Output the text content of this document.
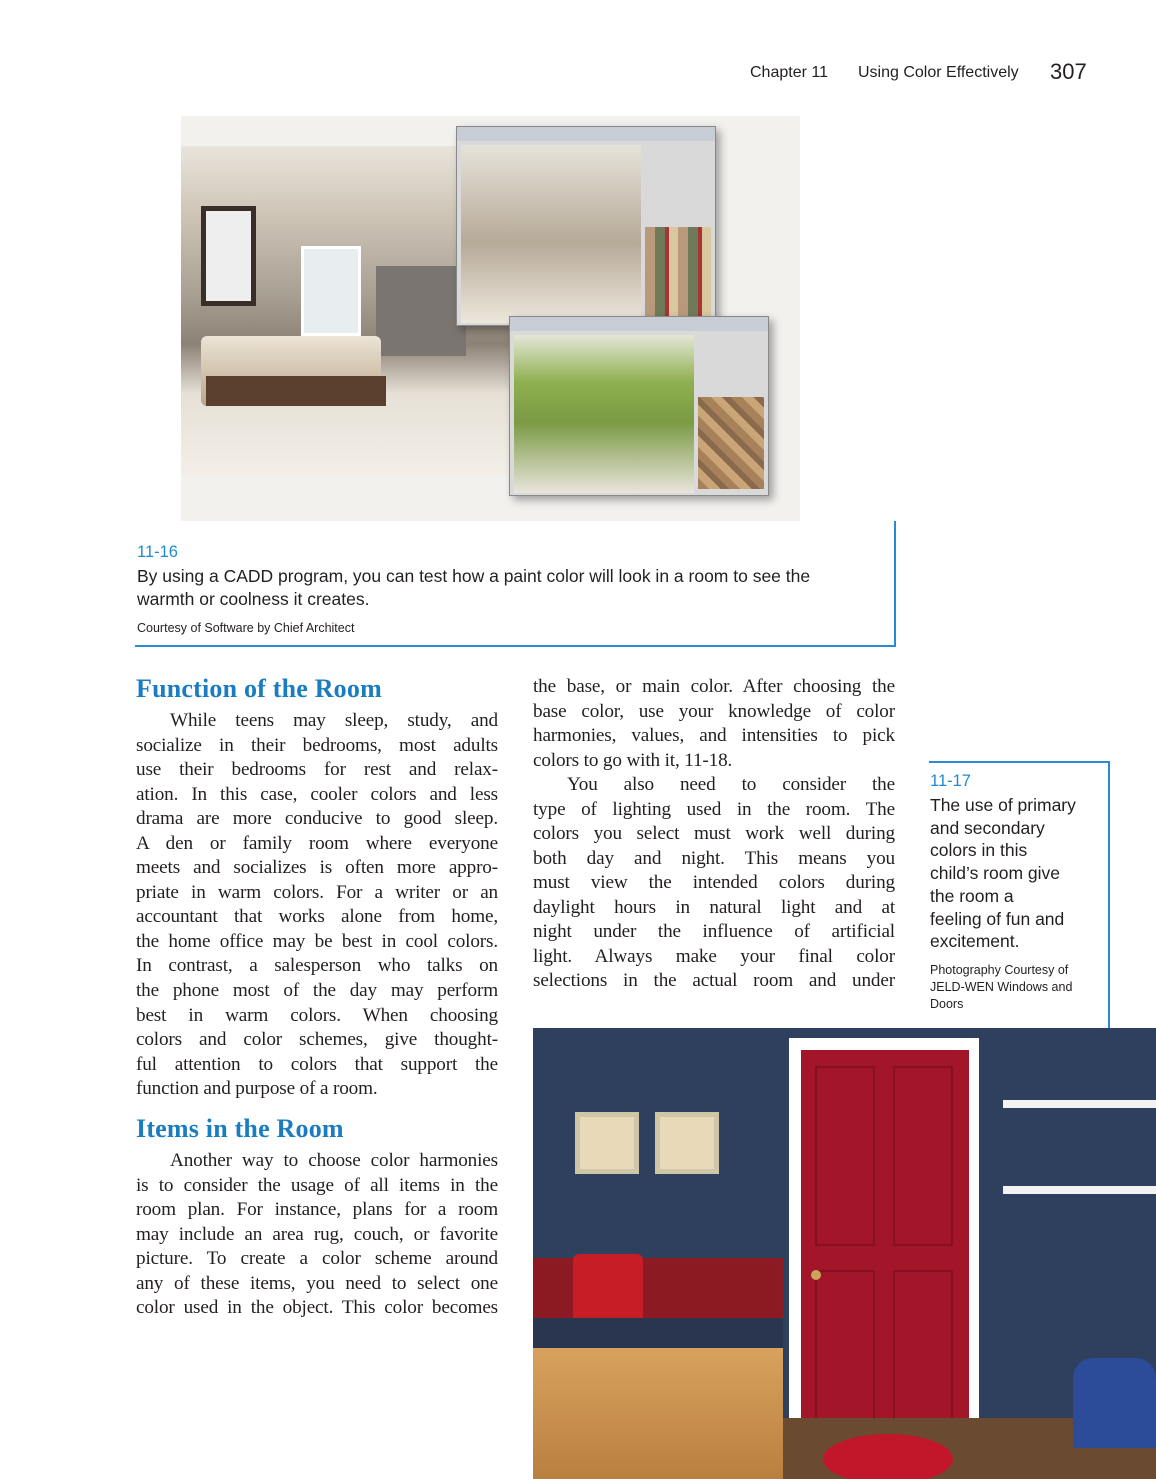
Chapter 11 Using Color Effectively 307
11-16
By using a CADD program, you can test how a paint color will look in a room to see the
warmth or coolness it creates.
Courtesy of Software by Chief Architect
Function of the Room
Items in the Room
While teens may sleep, study, and
socialize in their bedrooms, most adults
use their bedrooms for rest and relax-
ation. In this case, cooler colors and less
drama are more conducive to good sleep.
A den or family room where everyone
meets and socializes is often more appro-
priate in warm colors. For a writer or an
accountant that works alone from home,
the home office may be best in cool colors.
In contrast, a salesperson who talks on
the phone most of the day may perform
best in warm colors. When choosing
colors and color schemes, give thought-
ful attention to colors that support the
function and purpose of a room.
Another way to choose color harmonies
is to consider the usage of all items in the
room plan. For instance, plans for a room
may include an area rug, couch, or favorite
picture. To create a color scheme around
any of these items, you need to select one
color used in the object. This color becomes
the base, or main color. After choosing the
base color, use your knowledge of color
harmonies, values, and intensities to pick
colors to go with it, 11-18.
You also need to consider the
type of lighting used in the room. The
colors you select must work well during
both day and night. This means you
must view the intended colors during
daylight hours in natural light and at
night under the influence of artificial
light. Always make your final color
selections in the actual room and under
11-17
The use of primary
and secondary
colors in this
child’s room give
the room a
feeling of fun and
excitement.
Photography Courtesy of
JELD-WEN Windows and
Doors
